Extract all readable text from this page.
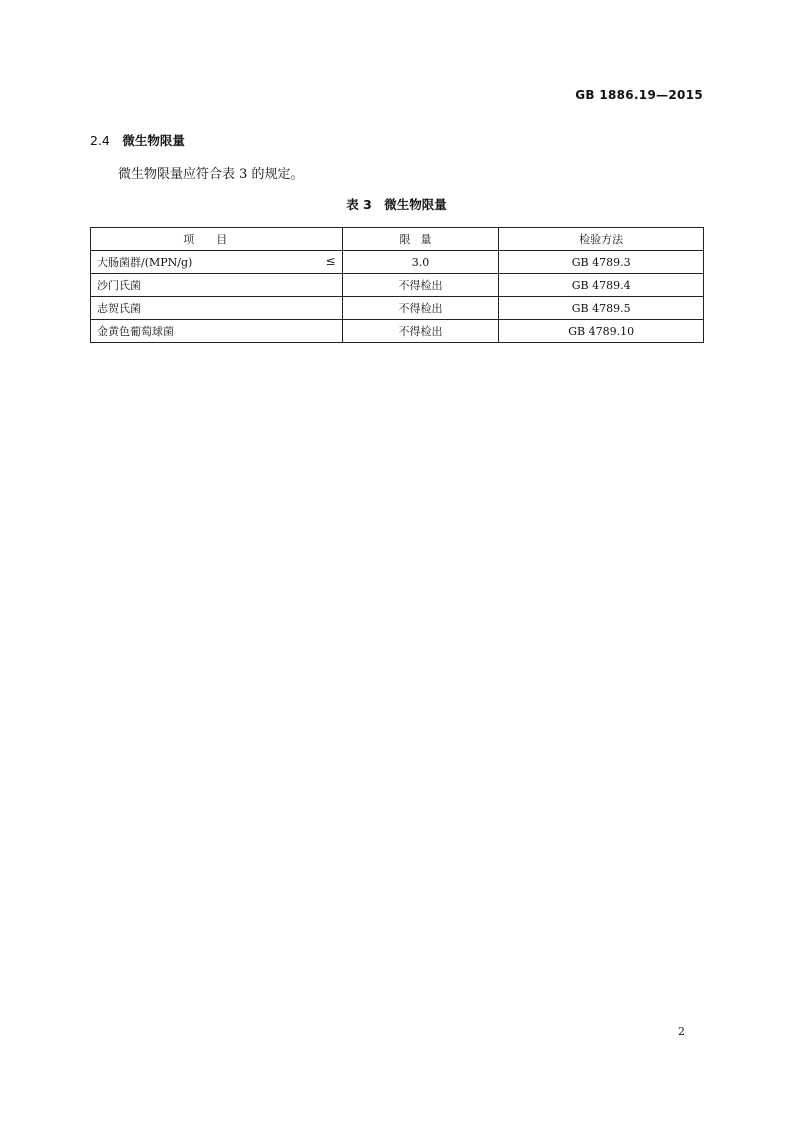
GB 1886.19—2015
2.4 微生物限量
微生物限量应符合表 3 的规定。
表 3　微生物限量
项目	限量	检验方法
大肠菌群/(MPN/g) ≤	3.0	GB 4789.3
沙门氏菌	不得检出	GB 4789.4
志贺氏菌	不得检出	GB 4789.5
金黄色葡萄球菌	不得检出	GB 4789.10
2
